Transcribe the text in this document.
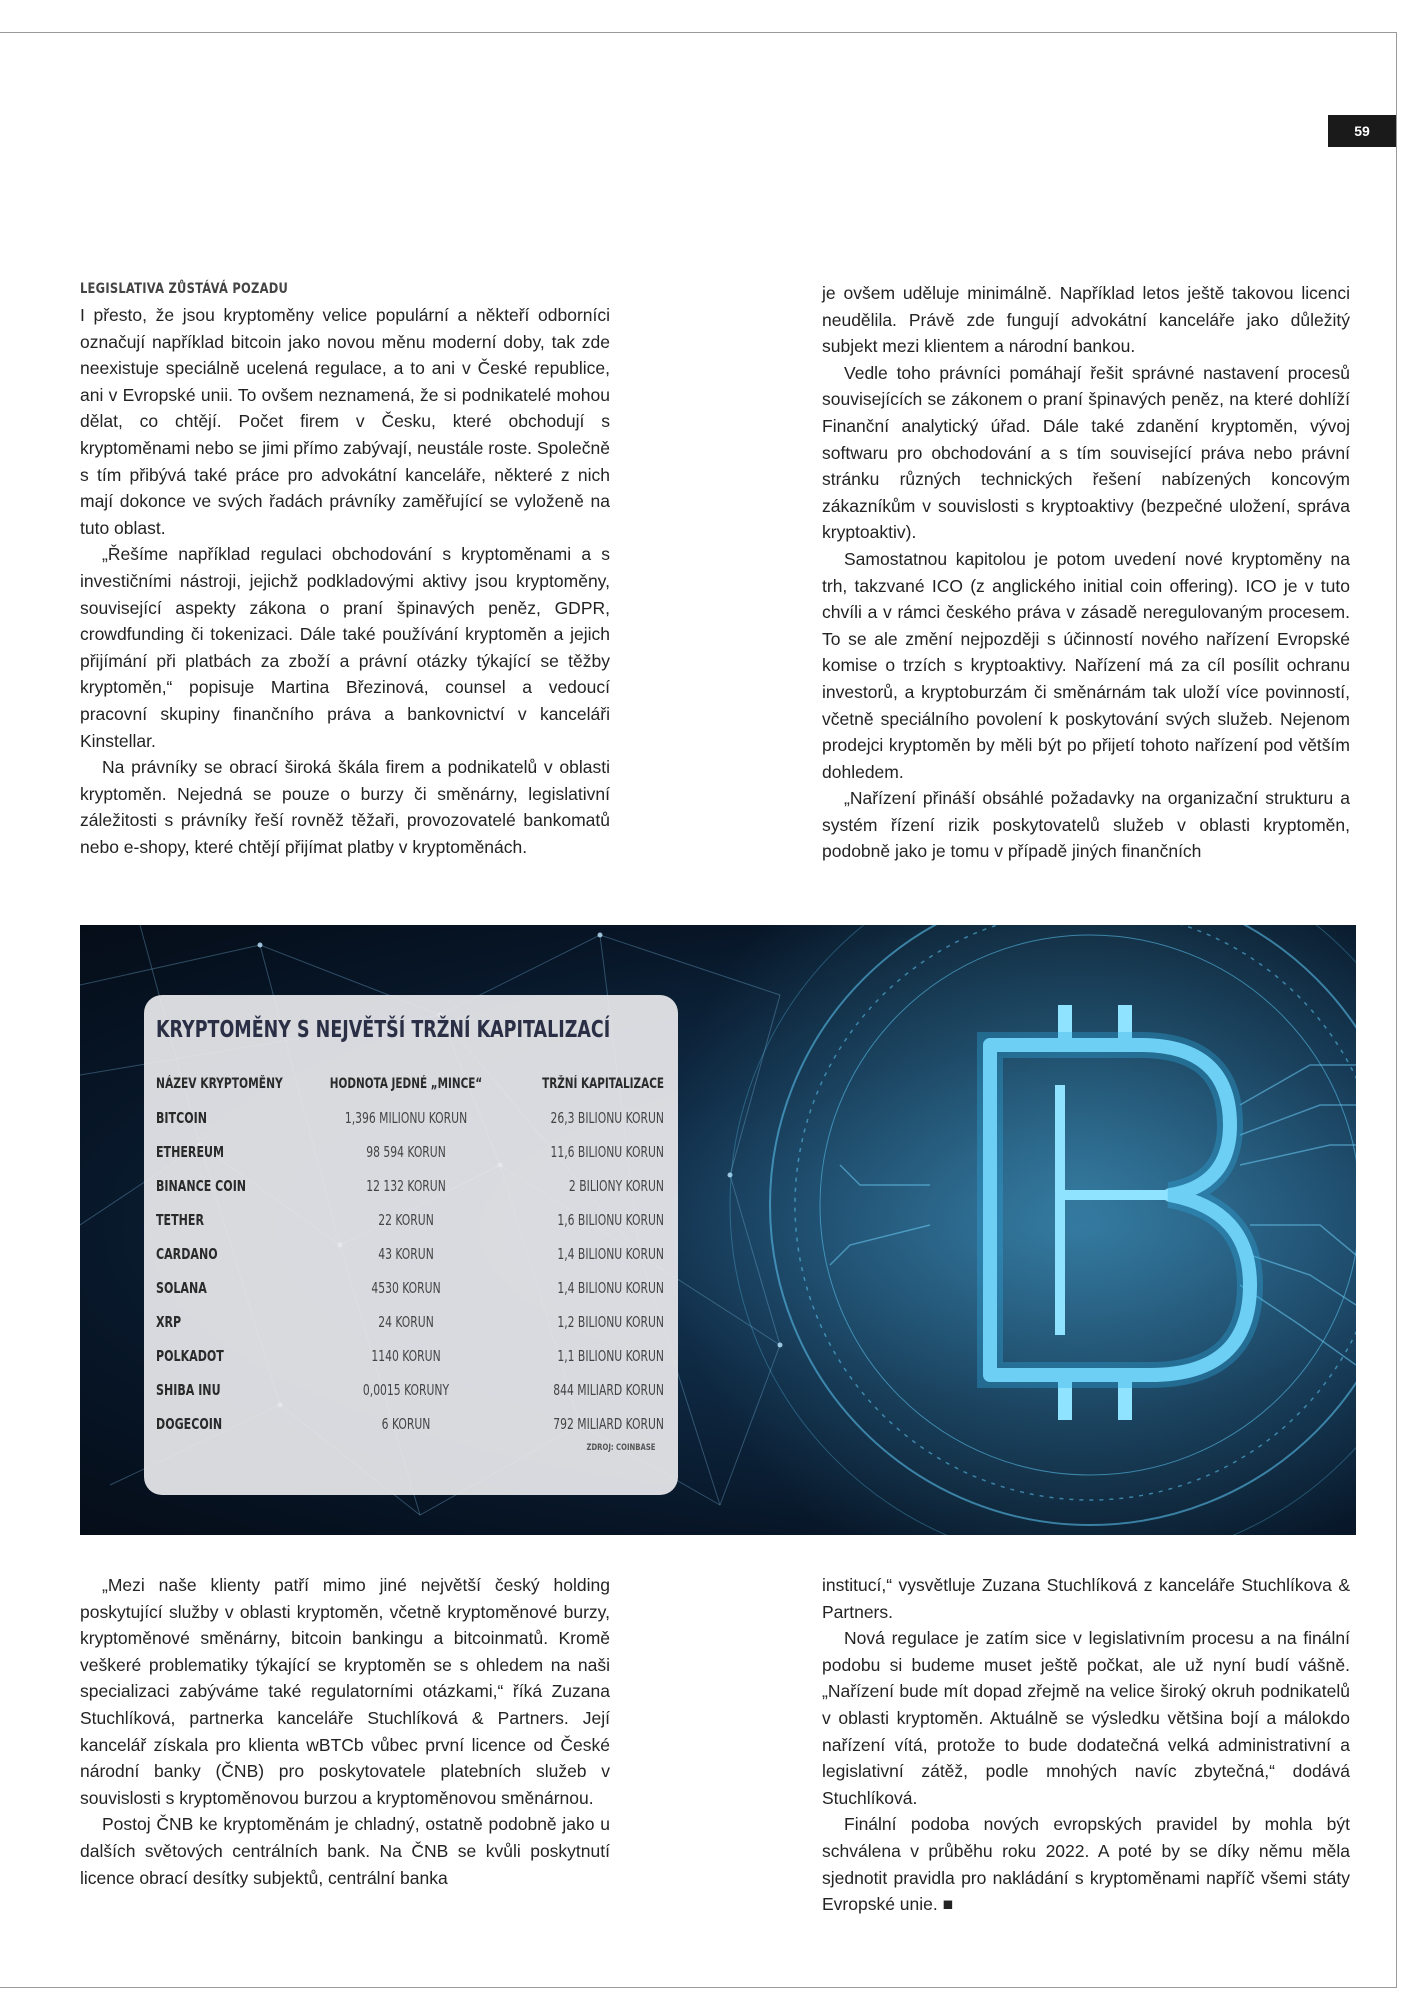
59

LEGISLATIVA ZŮSTÁVÁ POZADU

I přesto, že jsou kryptoměny velice populární a někteří odborníci označují například bitcoin jako novou měnu moderní doby, tak zde neexistuje speciálně ucelená regulace, a to ani v České republice, ani v Evropské unii. To ovšem neznamená, že si podnikatelé mohou dělat, co chtějí. Počet firem v Česku, které obchodují s kryptoměnami nebo se jimi přímo zabývají, neustále roste. Společně s tím přibývá také práce pro advokátní kanceláře, některé z nich mají dokonce ve svých řadách právníky zaměřující se vyloženě na tuto oblast.

„Řešíme například regulaci obchodování s kryptoměnami a s investičními nástroji, jejichž podkladovými aktivy jsou kryptoměny, související aspekty zákona o praní špinavých peněz, GDPR, crowdfunding či tokenizaci. Dále také používání kryptoměn a jejich přijímání při platbách za zboží a právní otázky týkající se těžby kryptoměn,“ popisuje Martina Březinová, counsel a vedoucí pracovní skupiny finančního práva a bankovnictví v kanceláři Kinstellar.

Na právníky se obrací široká škála firem a podnikatelů v oblasti kryptoměn. Nejedná se pouze o burzy či směnárny, legislativní záležitosti s právníky řeší rovněž těžaři, provozovatelé bankomatů nebo e-shopy, které chtějí přijímat platby v kryptoměnách.

je ovšem uděluje minimálně. Například letos ještě takovou licenci neudělila. Právě zde fungují advokátní kanceláře jako důležitý subjekt mezi klientem a národní bankou.

Vedle toho právníci pomáhají řešit správné nastavení procesů souvisejících se zákonem o praní špinavých peněz, na které dohlíží Finanční analytický úřad. Dále také zdanění kryptoměn, vývoj softwaru pro obchodování a s tím související práva nebo právní stránku různých technických řešení nabízených koncovým zákazníkům v souvislosti s kryptoaktivy (bezpečné uložení, správa kryptoaktiv).

Samostatnou kapitolou je potom uvedení nové kryptoměny na trh, takzvané ICO (z anglického initial coin offering). ICO je v tuto chvíli a v rámci českého práva v zásadě neregulovaným procesem. To se ale změní nejpozději s účinností nového nařízení Evropské komise o trzích s kryptoaktivy. Nařízení má za cíl posílit ochranu investorů, a kryptoburzám či směnárnám tak uloží více povinností, včetně speciálního povolení k poskytování svých služeb. Nejenom prodejci kryptoměn by měli být po přijetí tohoto nařízení pod větším dohledem.

„Nařízení přináší obsáhlé požadavky na organizační strukturu a systém řízení rizik poskytovatelů služeb v oblasti kryptoměn, podobně jako je tomu v případě jiných finančních

KRYPTOMĚNY S NEJVĚTŠÍ TRŽNÍ KAPITALIZACÍ
NÁZEV KRYPTOMĚNY	HODNOTA JEDNÉ „MINCE“	TRŽNÍ KAPITALIZACE
BITCOIN	1,396 MILIONU KORUN	26,3 BILIONU KORUN
ETHEREUM	98 594 KORUN	11,6 BILIONU KORUN
BINANCE COIN	12 132 KORUN	2 BILIONY KORUN
TETHER	22 KORUN	1,6 BILIONU KORUN
CARDANO	43 KORUN	1,4 BILIONU KORUN
SOLANA	4530 KORUN	1,4 BILIONU KORUN
XRP	24 KORUN	1,2 BILIONU KORUN
POLKADOT	1140 KORUN	1,1 BILIONU KORUN
SHIBA INU	0,0015 KORUNY	844 MILIARD KORUN
DOGECOIN	6 KORUN	792 MILIARD KORUN
ZDROJ: COINBASE

„Mezi naše klienty patří mimo jiné největší český holding poskytující služby v oblasti kryptoměn, včetně kryptoměnové burzy, kryptoměnové směnárny, bitcoin bankingu a bitcoinmatů. Kromě veškeré problematiky týkající se kryptoměn se s ohledem na naši specializaci zabýváme také regulatorními otázkami,“ říká Zuzana Stuchlíková, partnerka kanceláře Stuchlíková & Partners. Její kancelář získala pro klienta wBTCb vůbec první licence od České národní banky (ČNB) pro poskytovatele platebních služeb v souvislosti s kryptoměnovou burzou a kryptoměnovou směnárnou.

Postoj ČNB ke kryptoměnám je chladný, ostatně podobně jako u dalších světových centrálních bank. Na ČNB se kvůli poskytnutí licence obrací desítky subjektů, centrální banka

institucí,“ vysvětluje Zuzana Stuchlíková z kanceláře Stuchlíkova & Partners.

Nová regulace je zatím sice v legislativním procesu a na finální podobu si budeme muset ještě počkat, ale už nyní budí vášně. „Nařízení bude mít dopad zřejmě na velice široký okruh podnikatelů v oblasti kryptoměn. Aktuálně se výsledku většina bojí a málokdo nařízení vítá, protože to bude dodatečná velká administrativní a legislativní zátěž, podle mnohých navíc zbytečná,“ dodává Stuchlíková.

Finální podoba nových evropských pravidel by mohla být schválena v průběhu roku 2022. A poté by se díky němu měla sjednotit pravidla pro nakládání s kryptoměnami napříč všemi státy Evropské unie. ■
